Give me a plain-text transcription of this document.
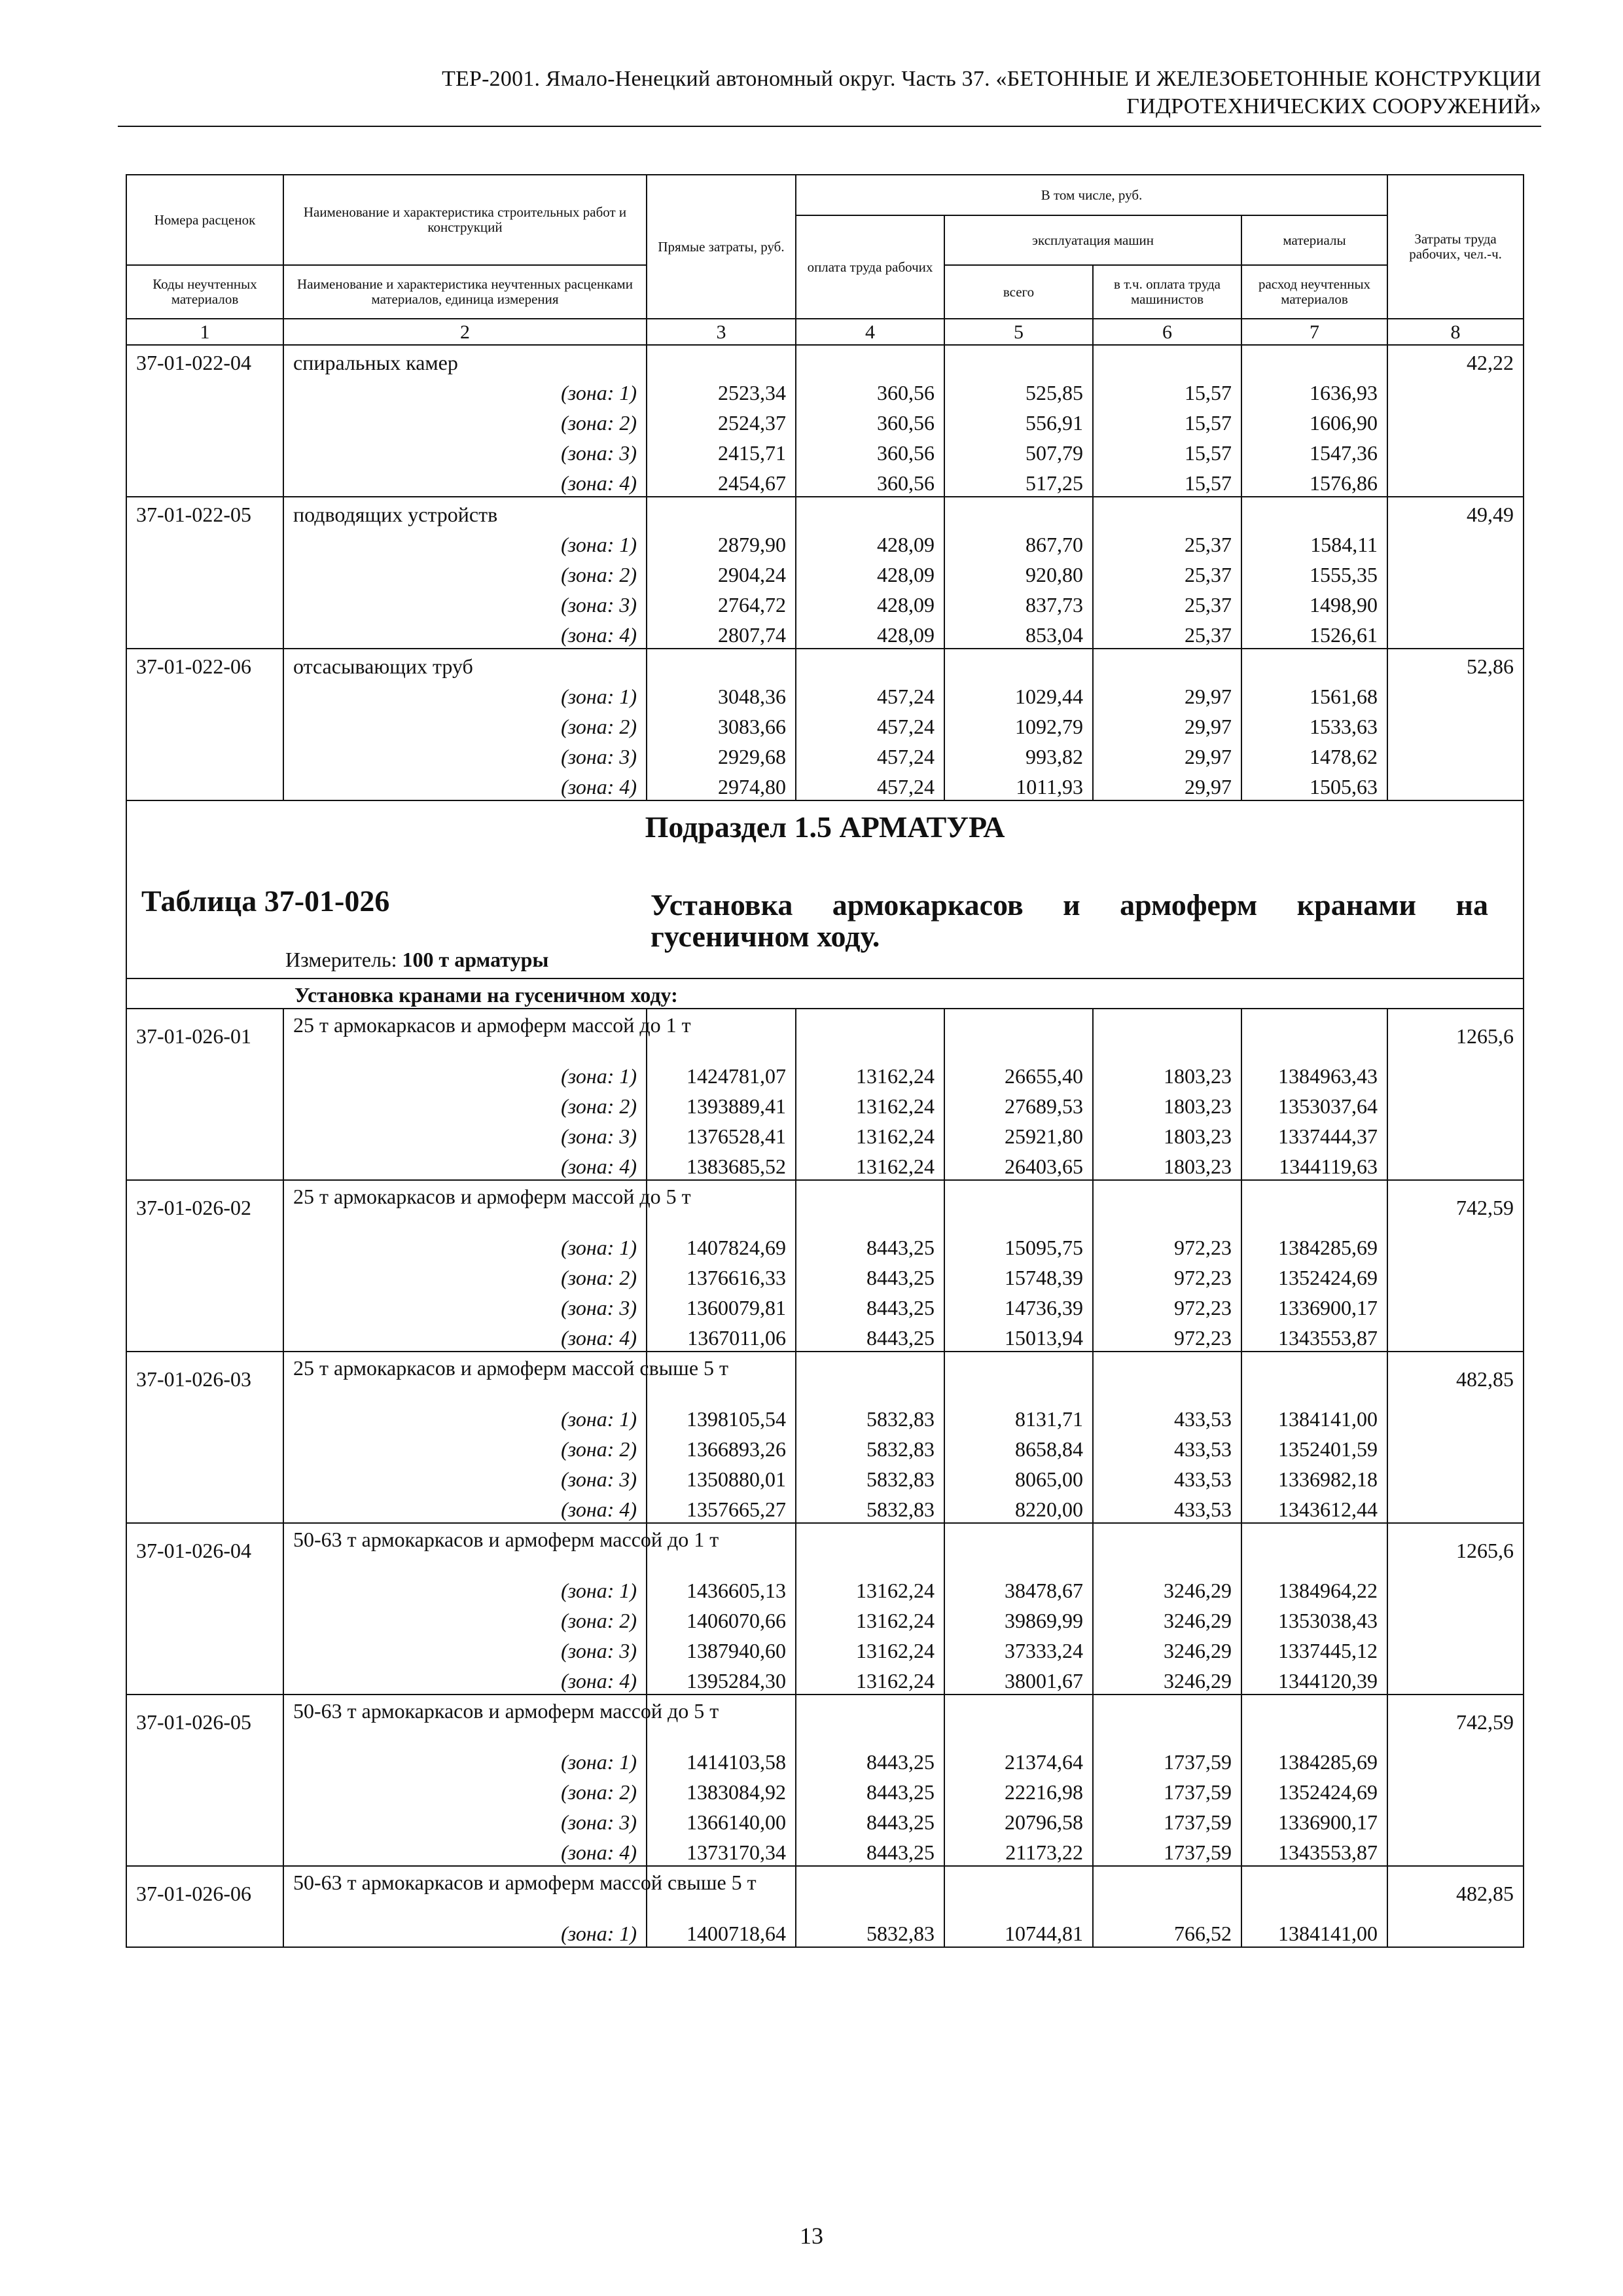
ТЕР-2001. Ямало-Ненецкий автономный округ. Часть 37. «БЕТОННЫЕ И ЖЕЛЕЗОБЕТОННЫЕ КОНСТРУКЦИИ
ГИДРОТЕХНИЧЕСКИХ СООРУЖЕНИЙ»
Номера расценок	Наименование и характеристика строительных работ и конструкций	Прямые затраты, руб.	В том числе, руб.				Затраты труда рабочих, чел.-ч.
			оплата труда рабочих	эксплуатация машин		материалы	
Коды неучтенных материалов	Наименование и характеристика неучтенных расценками материалов, единица измерения			всего	в т.ч. оплата труда машинистов	расход неучтенных материалов	
1	2	3	4	5	6	7	8
37-01-022-04	спиральных камер						42,22
	(зона: 1)	2523,34	360,56	525,85	15,57	1636,93	
	(зона: 2)	2524,37	360,56	556,91	15,57	1606,90	
	(зона: 3)	2415,71	360,56	507,79	15,57	1547,36	
	(зона: 4)	2454,67	360,56	517,25	15,57	1576,86	
37-01-022-05	подводящих устройств						49,49
	(зона: 1)	2879,90	428,09	867,70	25,37	1584,11	
	(зона: 2)	2904,24	428,09	920,80	25,37	1555,35	
	(зона: 3)	2764,72	428,09	837,73	25,37	1498,90	
	(зона: 4)	2807,74	428,09	853,04	25,37	1526,61	
37-01-022-06	отсасывающих труб						52,86
	(зона: 1)	3048,36	457,24	1029,44	29,97	1561,68	
	(зона: 2)	3083,66	457,24	1092,79	29,97	1533,63	
	(зона: 3)	2929,68	457,24	993,82	29,97	1478,62	
	(зона: 4)	2974,80	457,24	1011,93	29,97	1505,63	

Подраздел 1.5 АРМАТУРА
Таблица 37-01-026 Установка армокаркасов и армоферм кранами на гусеничном ходу.
Измеритель: 100 т арматуры							

Установка кранами на гусеничном ходу:							

37-01-026-01	25 т армокаркасов и армоферм массой до 1 т						1265,6
	(зона: 1)	1424781,07	13162,24	26655,40	1803,23	1384963,43	
	(зона: 2)	1393889,41	13162,24	27689,53	1803,23	1353037,64	
	(зона: 3)	1376528,41	13162,24	25921,80	1803,23	1337444,37	
	(зона: 4)	1383685,52	13162,24	26403,65	1803,23	1344119,63	
37-01-026-02	25 т армокаркасов и армоферм массой до 5 т						742,59
	(зона: 1)	1407824,69	8443,25	15095,75	972,23	1384285,69	
	(зона: 2)	1376616,33	8443,25	15748,39	972,23	1352424,69	
	(зона: 3)	1360079,81	8443,25	14736,39	972,23	1336900,17	
	(зона: 4)	1367011,06	8443,25	15013,94	972,23	1343553,87	
37-01-026-03	25 т армокаркасов и армоферм массой свыше 5 т						482,85
	(зона: 1)	1398105,54	5832,83	8131,71	433,53	1384141,00	
	(зона: 2)	1366893,26	5832,83	8658,84	433,53	1352401,59	
	(зона: 3)	1350880,01	5832,83	8065,00	433,53	1336982,18	
	(зона: 4)	1357665,27	5832,83	8220,00	433,53	1343612,44	
37-01-026-04	50-63 т армокаркасов и армоферм массой до 1 т						1265,6
	(зона: 1)	1436605,13	13162,24	38478,67	3246,29	1384964,22	
	(зона: 2)	1406070,66	13162,24	39869,99	3246,29	1353038,43	
	(зона: 3)	1387940,60	13162,24	37333,24	3246,29	1337445,12	
	(зона: 4)	1395284,30	13162,24	38001,67	3246,29	1344120,39	
37-01-026-05	50-63 т армокаркасов и армоферм массой до 5 т						742,59
	(зона: 1)	1414103,58	8443,25	21374,64	1737,59	1384285,69	
	(зона: 2)	1383084,92	8443,25	22216,98	1737,59	1352424,69	
	(зона: 3)	1366140,00	8443,25	20796,58	1737,59	1336900,17	
	(зона: 4)	1373170,34	8443,25	21173,22	1737,59	1343553,87	
37-01-026-06	50-63 т армокаркасов и армоферм массой свыше 5 т						482,85
	(зона: 1)	1400718,64	5832,83	10744,81	766,52	1384141,00	
13
